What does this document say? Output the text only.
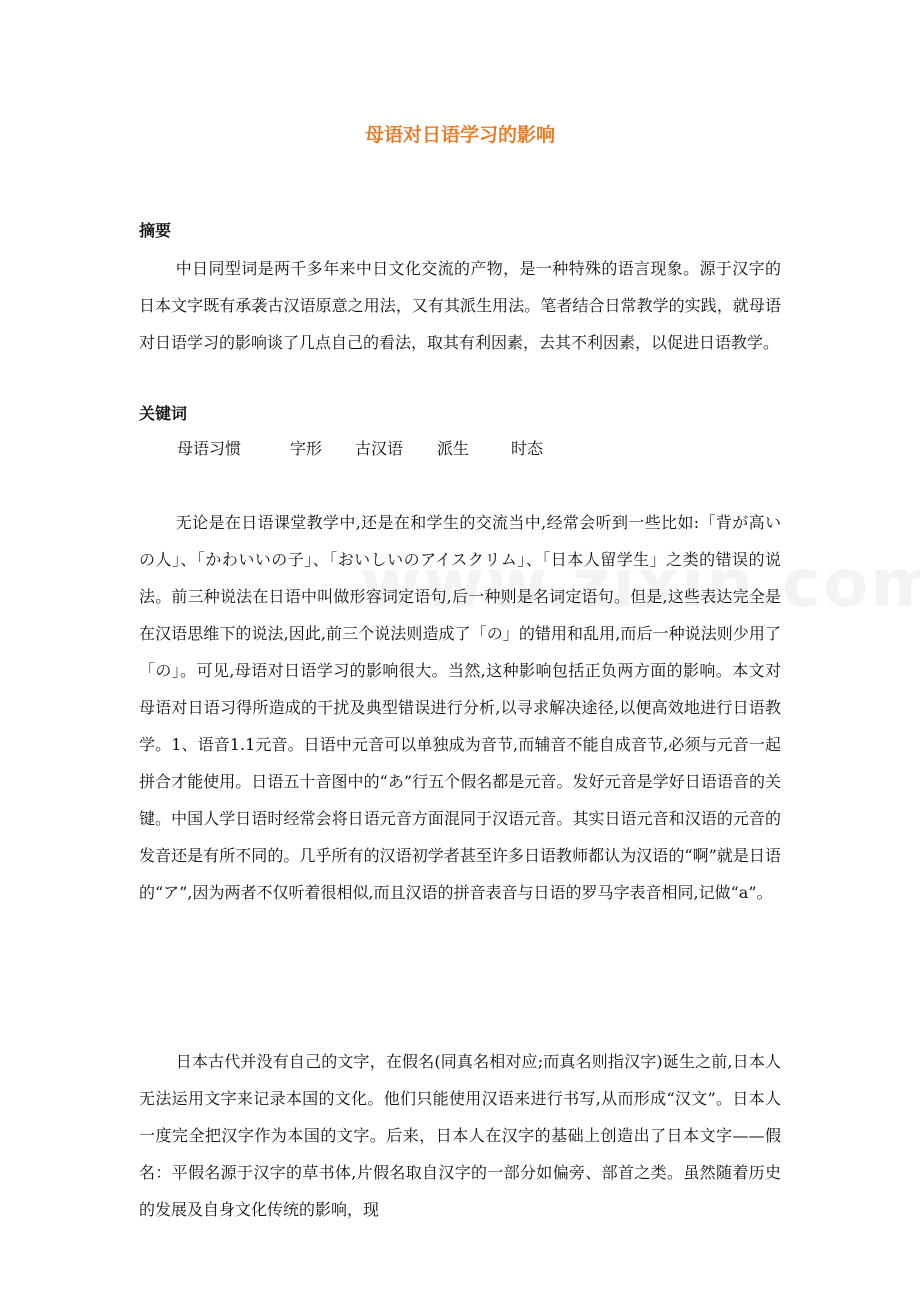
母语对日语学习的影响
摘要

中日同型词是两千多年来中日文化交流的产物，是一种特殊的语言现象。源于汉字的日本文字既有承袭古汉语原意之用法，又有其派生用法。笔者结合日常教学的实践，就母语对日语学习的影响谈了几点自己的看法，取其有利因素，去其不利因素，以促进日语教学。

关键词
母语习惯	字形 古汉语 派生	时态

无论是在日语课堂教学中,还是在和学生的交流当中,经常会听到一些比如:「背が高いの人」、「かわいいの子」、「おいしいのアイスクリム」、「日本人留学生」之类的错误的说法。前三种说法在日语中叫做形容词定语句,后一种则是名词定语句。但是,这些表达完全是在汉语思维下的说法,因此,前三个说法则造成了「の」的错用和乱用,而后一种说法则少用了「の」。可见,母语对日语学习的影响很大。当然,这种影响包括正负两方面的影响。本文对母语对日语习得所造成的干扰及典型错误进行分析,以寻求解决途径,以便高效地进行日语教学。1、语音1.1元音。日语中元音可以单独成为音节,而辅音不能自成音节,必须与元音一起拼合才能使用。日语五十音图中的“あ”行五个假名都是元音。发好元音是学好日语语音的关键。中国人学日语时经常会将日语元音方面混同于汉语元音。其实日语元音和汉语的元音的发音还是有所不同的。几乎所有的汉语初学者甚至许多日语教师都认为汉语的“啊”就是日语的“ア”,因为两者不仅听着很相似,而且汉语的拼音表音与日语的罗马字表音相同,记做“a”。

日本古代并没有自己的文字，在假名(同真名相对应;而真名则指汉字)诞生之前,日本人无法运用文字来记录本国的文化。他们只能使用汉语来进行书写,从而形成“汉文”。日本人一度完全把汉字作为本国的文字。后来，日本人在汉字的基础上创造出了日本文字——假名：平假名源于汉字的草书体,片假名取自汉字的一部分如偏旁、部首之类。虽然随着历史的发展及自身文化传统的影响，现
